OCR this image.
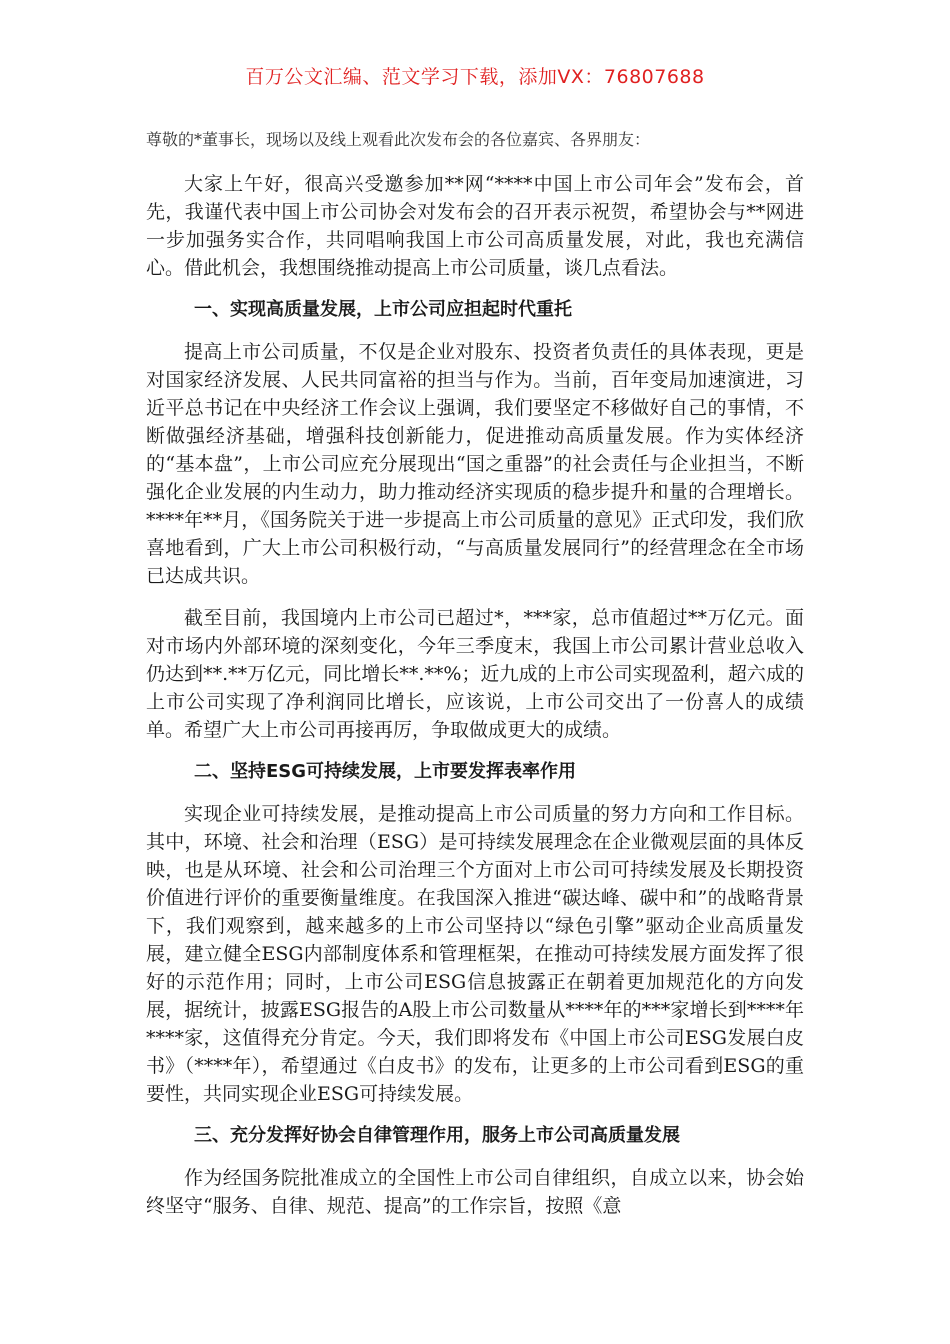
百万公文汇编、范文学习下载，添加VX：76807688

尊敬的*董事长，现场以及线上观看此次发布会的各位嘉宾、各界朋友：

大家上午好，很高兴受邀参加**网“****中国上市公司年会”发布会，首先，我谨代表中国上市公司协会对发布会的召开表示祝贺，希望协会与**网进一步加强务实合作，共同唱响我国上市公司高质量发展，对此，我也充满信心。借此机会，我想围绕推动提高上市公司质量，谈几点看法。

一、实现高质量发展，上市公司应担起时代重托

提高上市公司质量，不仅是企业对股东、投资者负责任的具体表现，更是对国家经济发展、人民共同富裕的担当与作为。当前，百年变局加速演进，习近平总书记在中央经济工作会议上强调，我们要坚定不移做好自己的事情，不断做强经济基础，增强科技创新能力，促进推动高质量发展。作为实体经济的“基本盘”，上市公司应充分展现出“国之重器”的社会责任与企业担当，不断强化企业发展的内生动力，助力推动经济实现质的稳步提升和量的合理增长。****年**月，《国务院关于进一步提高上市公司质量的意见》正式印发，我们欣喜地看到，广大上市公司积极行动，“与高质量发展同行”的经营理念在全市场已达成共识。

截至目前，我国境内上市公司已超过*，***家，总市值超过**万亿元。面对市场内外部环境的深刻变化，今年三季度末，我国上市公司累计营业总收入仍达到**.**万亿元，同比增长**.**%；近九成的上市公司实现盈利，超六成的上市公司实现了净利润同比增长，应该说，上市公司交出了一份喜人的成绩单。希望广大上市公司再接再厉，争取做成更大的成绩。

二、坚持ESG可持续发展，上市要发挥表率作用

实现企业可持续发展，是推动提高上市公司质量的努力方向和工作目标。其中，环境、社会和治理（ESG）是可持续发展理念在企业微观层面的具体反映，也是从环境、社会和公司治理三个方面对上市公司可持续发展及长期投资价值进行评价的重要衡量维度。在我国深入推进“碳达峰、碳中和”的战略背景下，我们观察到，越来越多的上市公司坚持以“绿色引擎”驱动企业高质量发展，建立健全ESG内部制度体系和管理框架，在推动可持续发展方面发挥了很好的示范作用；同时，上市公司ESG信息披露正在朝着更加规范化的方向发展，据统计，披露ESG报告的A股上市公司数量从****年的***家增长到****年****家，这值得充分肯定。今天，我们即将发布《中国上市公司ESG发展白皮书》（****年），希望通过《白皮书》的发布，让更多的上市公司看到ESG的重要性，共同实现企业ESG可持续发展。

三、充分发挥好协会自律管理作用，服务上市公司高质量发展

作为经国务院批准成立的全国性上市公司自律组织，自成立以来，协会始终坚守“服务、自律、规范、提高”的工作宗旨，按照《意
